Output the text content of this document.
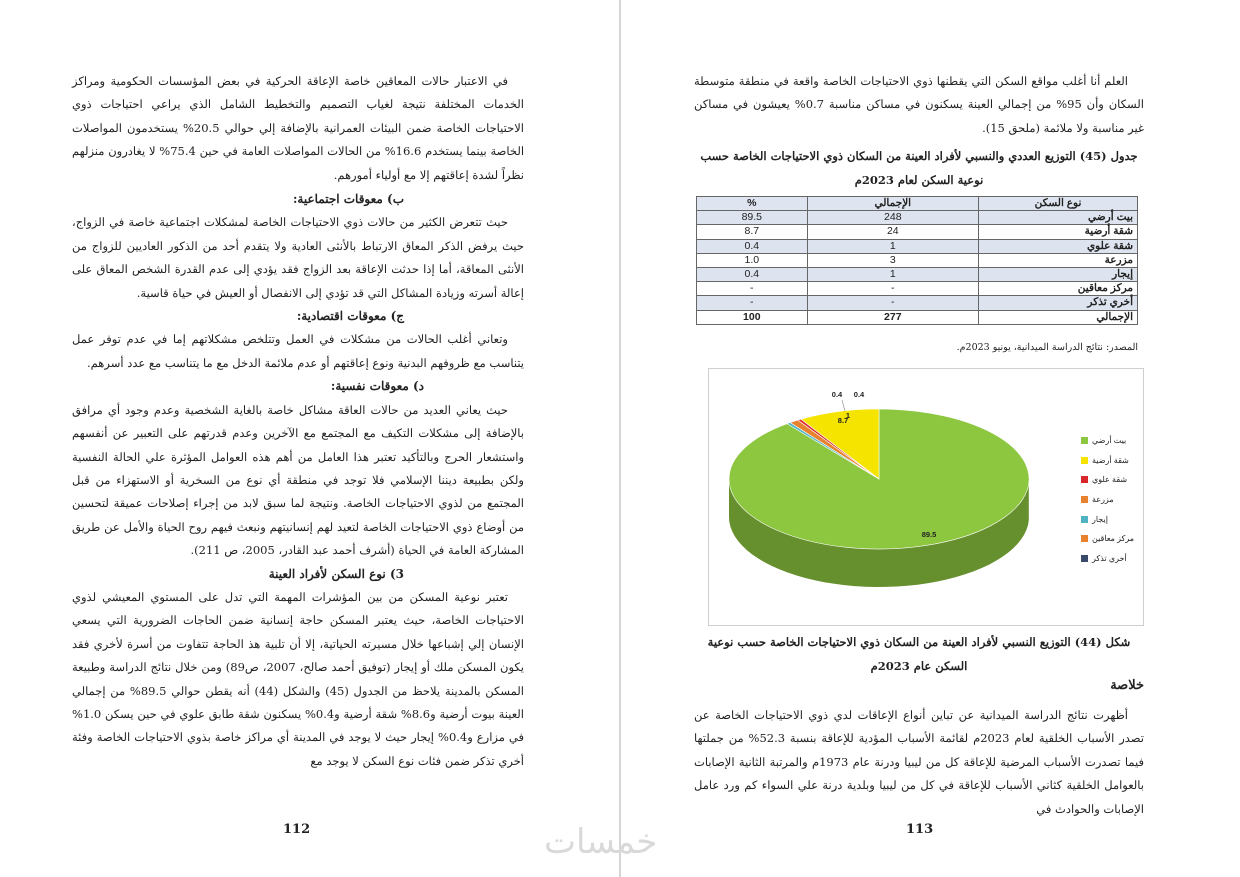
في الاعتبار حالات المعاقين خاصة الإعاقة الحركية في بعض المؤسسات الحكومية ومراكز الخدمات المختلفة نتيجة لغياب التصميم والتخطيط الشامل الذي يراعي احتياجات ذوي الاحتياجات الخاصة ضمن البيئات العمرانية بالإضافة إلي حوالي 20.5% يستخدمون المواصلات الخاصة بينما يستخدم 16.6% من الحالات المواصلات العامة في حين 75.4% لا يغادرون منزلهم نظراً لشدة إعاقتهم إلا مع أولياء أمورهم.

ب) معوقات اجتماعية:

حيث تتعرض الكثير من حالات ذوي الاحتياجات الخاصة لمشكلات اجتماعية خاصة في الزواج، حيث يرفض الذكر المعاق الارتباط بالأنثى العادية ولا يتقدم أحد من الذكور العاديين للزواج من الأنثى المعاقة، أما إذا حدثت الإعاقة بعد الزواج فقد يؤدي إلى عدم القدرة الشخص المعاق على إعالة أسرته وزيادة المشاكل التي قد تؤدي إلى الانفصال أو العيش في حياة قاسية.

ج) معوقات اقتصادية:

وتعاني أغلب الحالات من مشكلات في العمل وتتلخص مشكلاتهم إما في عدم توفر عمل يتناسب مع ظروفهم البدنية ونوع إعاقتهم أو عدم ملائمة الدخل مع ما يتناسب مع عدد أسرهم.

د) معوقات نفسية:

حيث يعاني العديد من حالات العاقة مشاكل خاصة بالغاية الشخصية وعدم وجود أي مرافق بالإضافة إلى مشكلات التكيف مع المجتمع مع الآخرين وعدم قدرتهم على التعبير عن أنفسهم واستشعار الحرج وبالتأكيد تعتبر هذا العامل من أهم هذه العوامل المؤثرة علي الحالة النفسية ولكن بطبيعة ديننا الإسلامي فلا توجد في منطقة أي نوع من السخرية أو الاستهزاء من قبل المجتمع من لذوي الاحتياجات الخاصة. ونتيجة لما سبق لابد من إجراء إصلاحات عميقة لتحسين من أوضاع ذوي الاحتياجات الخاصة لتعيد لهم إنسانيتهم ونبعث فيهم روح الحياة والأمل عن طريق المشاركة العامة في الحياة (أشرف أحمد عبد القادر، 2005، ص 211).

3) نوع السكن لأفراد العينة

تعتبر نوعية المسكن من بين المؤشرات المهمة التي تدل على المستوي المعيشي لذوي الاحتياجات الخاصة، حيث يعتبر المسكن حاجة إنسانية ضمن الحاجات الضرورية التي يسعي الإنسان إلي إشباعها خلال مسيرته الحياتية، إلا أن تلبية هذ الحاجة تتفاوت من أسرة لأخري فقد يكون المسكن ملك أو إيجار (توفيق أحمد صالح، 2007، ص89) ومن خلال نتائج الدراسة وطبيعة المسكن بالمدينة يلاحظ من الجدول (45) والشكل (44) أنه يقطن حوالي 89.5% من إجمالي العينة بيوت أرضية و8.6% شقة أرضية و0.4% يسكنون شقة طابق علوي في حين يسكن 1.0% في مزارع و0.4% إيجار حيث لا يوجد في المدينة أي مراكز خاصة بذوي الاحتياجات الخاصة وفئة أخري تذكر ضمن فئات نوع السكن لا يوجد مع

112	خمسات

العلم أنا أغلب مواقع السكن التي يقطنها ذوي الاحتياجات الخاصة واقعة في منطقة متوسطة السكان وأن 95% من إجمالي العينة يسكنون في مساكن مناسبة 0.7% يعيشون في مساكن غير مناسبة ولا ملائمة (ملحق 15).

جدول (45) التوزيع العددي والنسبي لأفراد العينة من السكان ذوي الاحتياجات الخاصة حسب نوعية السكن لعام 2023م
نوع السكن	الإجمالي	%
بيت أرضي	248	89.5
شقة أرضية	24	8.7
شقة علوي	1	0.4
مزرعة	3	1.0
إيجار	1	0.4
مركز معاقين	-	-
أخري تذكر	-	-
الإجمالي	277	100
المصدر: نتائج الدراسة الميدانية، يونيو 2023م.
89.5
8.7
0.4
1
0.4
بيت أرضي
شقة أرضية
شقة علوي
مزرعة
إيجار
مركز معاقين
أخري تذكر
شكل (44) التوزيع النسبي لأفراد العينة من السكان ذوي الاحتياجات الخاصة حسب نوعية السكن عام 2023م
خلاصة

أظهرت نتائج الدراسة الميدانية عن تباين أنواع الإعاقات لدي ذوي الاحتياجات الخاصة عن تصدر الأسباب الخلقية لعام 2023م لقائمة الأسباب المؤدية للإعاقة بنسبة 52.3% من جملتها فيما تصدرت الأسباب المرضية للإعاقة كل من ليبيا ودرنة عام 1973م والمرتبة الثانية الإصابات بالعوامل الخلقية كثاني الأسباب للإعاقة في كل من ليبيا وبلدية درنة علي السواء كم ورد عامل الإصابات والحوادث في

113
